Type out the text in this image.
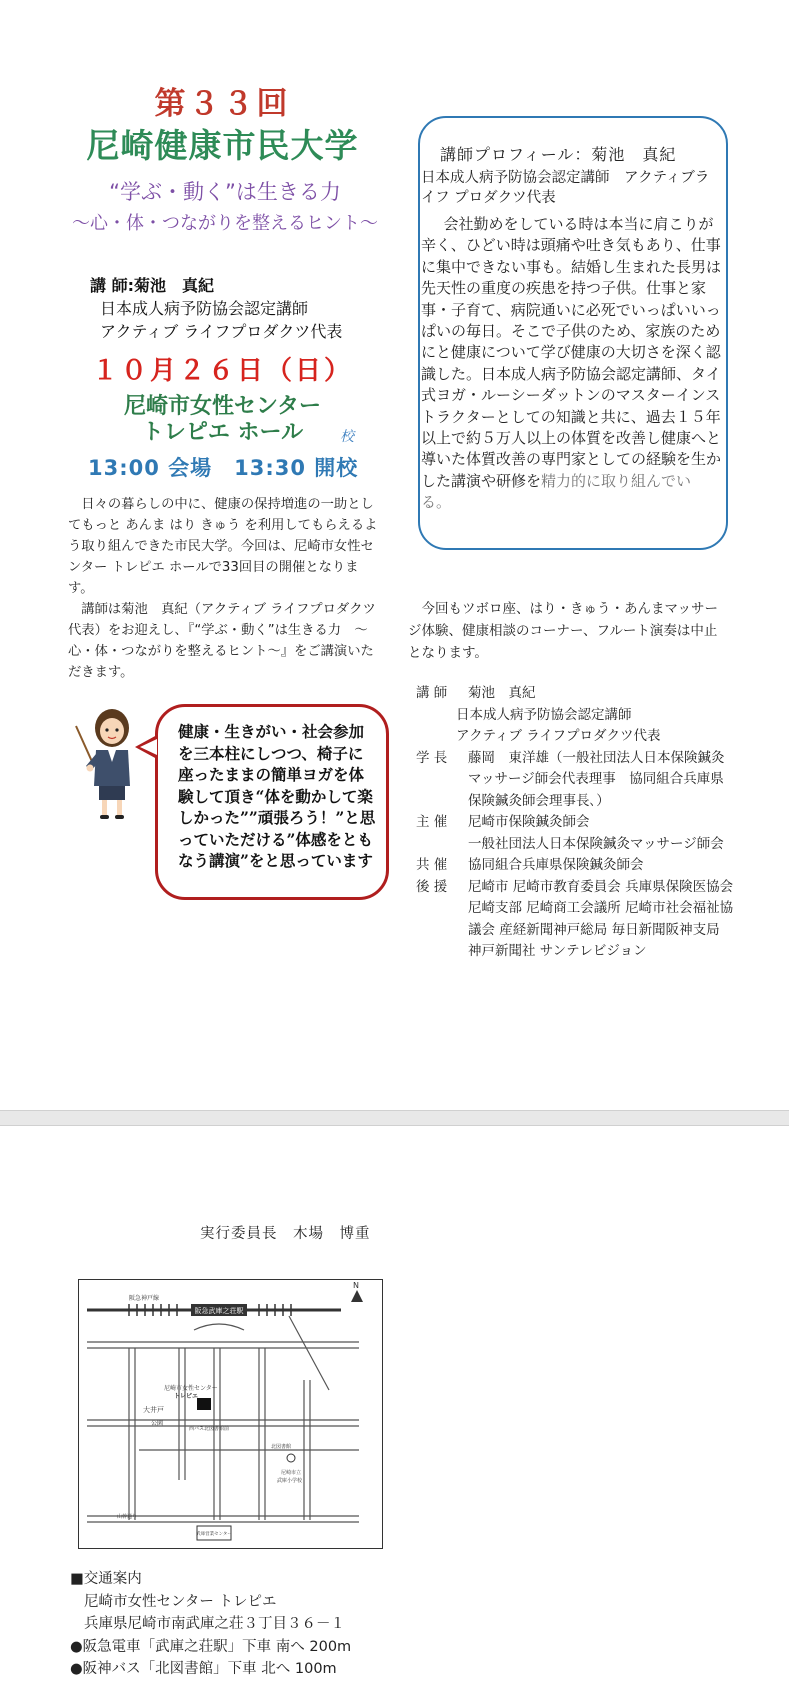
第３３回
尼崎健康市民大学
“学ぶ・動く”は生きる力
～心・体・つながりを整えるヒント～
講 師:菊池　真紀
日本成人病予防協会認定講師
アクティブ ライフプロダクツ代表
１０月２６日（日）
尼崎市女性センター
トレピエ ホール	校
13:00 会場　13:30 開校

日々の暮らしの中に、健康の保持増進の一助としてもっと あんま はり きゅう を利用してもらえるよう取り組んできた市民大学。今回は、尼崎市女性センター トレピエ ホールで33回目の開催となります。

講師は菊池　真紀（アクティブ ライフプロダクツ代表）をお迎えし、『“学ぶ・動く”は生きる力　～心・体・つながりを整えるヒント～』をご講演いただきます。

健康・生きがい・社会参加を三本柱にしつつ、椅子に座ったままの簡単ヨガを体験して頂き“体を動かして楽しかった””頑張ろう！”と思っていただける”体感をともなう講演”をと思っています
講師プロフィール：菊池　真紀
日本成人病予防協会認定講師　アクティブライフ プロダクツ代表
会社勤めをしている時は本当に肩こりが辛く、ひどい時は頭痛や吐き気もあり、仕事に集中できない事も。結婚し生まれた長男は先天性の重度の疾患を持つ子供。仕事と家事・子育て、病院通いに必死でいっぱいいっぱいの毎日。そこで子供のため、家族のためにと健康について学び健康の大切さを深く認識した。日本成人病予防協会認定講師、タイ式ヨガ・ルーシーダットンのマスターインストラクターとしての知識と共に、過去１５年以上で約５万人以上の体質を改善し健康へと導いた体質改善の専門家としての経験を生かした講演や研修を精力的に取り組んでいる。
今回もツボロ座、はり・きゅう・あんまマッサージ体験、健康相談のコーナー、フルート演奏は中止となります。
講 師	菊池　真紀
日本成人病予防協会認定講師
アクティブ ライフプロダクツ代表
学 長	藤岡　東洋雄（一般社団法人日本保険鍼灸マッサージ師会代表理事　協同組合兵庫県保険鍼灸師会理事長､）
主 催	尼崎市保険鍼灸師会
一般社団法人日本保険鍼灸マッサージ師会
共 催	協同組合兵庫県保険鍼灸師会
後 援	尼崎市 尼崎市教育委員会 兵庫県保険医協会尼崎支部 尼崎商工会議所 尼崎市社会福祉協議会 産経新聞神戸総局 毎日新聞阪神支局 神戸新聞社 サンテレビジョン
実行委員長　木場　博重
阪急武庫之荘駅
阪急神戸線
N
尼崎市女性センター
トレピエ
大井戸
公園
西バス北図書館前
北図書館
尼崎市立
武庫小学校
山幹通り
武庫営業センター
■交通案内
尼崎市女性センター トレピエ
兵庫県尼崎市南武庫之荘３丁目３６－１
●阪急電車「武庫之荘駅」下車 南へ 200m
●阪神バス「北図書館」下車 北へ 100m
